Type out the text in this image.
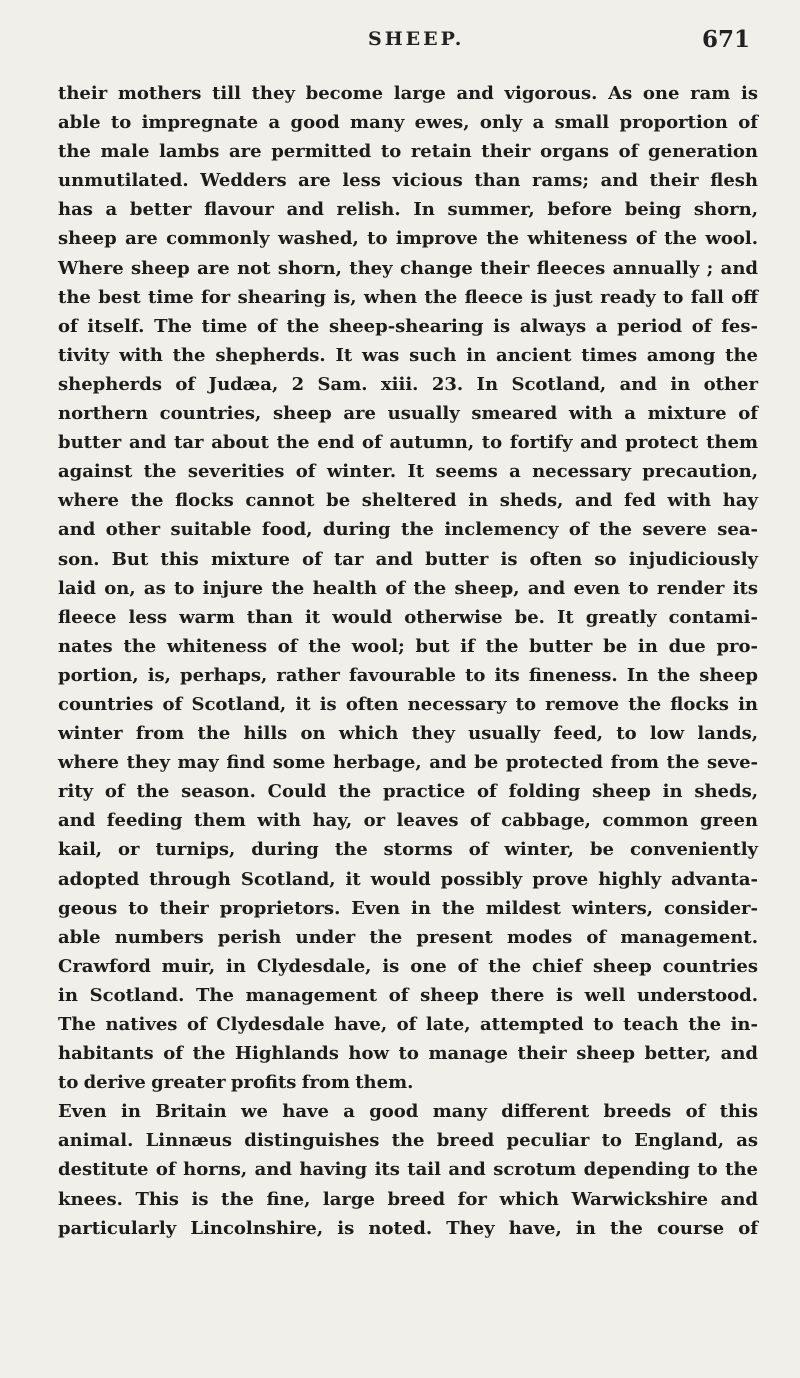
SHEEP.	671
their mothers till they become large and vigorous. As one ram is
able to impregnate a good many ewes, only a small proportion of
the male lambs are permitted to retain their organs of generation
unmutilated. Wedders are less vicious than rams; and their flesh
has a better flavour and relish. In summer, before being shorn,
sheep are commonly washed, to improve the whiteness of the wool.
Where sheep are not shorn, they change their fleeces annually ; and
the best time for shearing is, when the fleece is just ready to fall off
of itself. The time of the sheep-shearing is always a period of fes-
tivity with the shepherds. It was such in ancient times among the
shepherds of Judæa, 2 Sam. xiii. 23. In Scotland, and in other
northern countries, sheep are usually smeared with a mixture of
butter and tar about the end of autumn, to fortify and protect them
against the severities of winter. It seems a necessary precaution,
where the flocks cannot be sheltered in sheds, and fed with hay
and other suitable food, during the inclemency of the severe sea-
son. But this mixture of tar and butter is often so injudiciously
laid on, as to injure the health of the sheep, and even to render its
fleece less warm than it would otherwise be. It greatly contami-
nates the whiteness of the wool; but if the butter be in due pro-
portion, is, perhaps, rather favourable to its fineness. In the sheep
countries of Scotland, it is often necessary to remove the flocks in
winter from the hills on which they usually feed, to low lands,
where they may find some herbage, and be protected from the seve-
rity of the season. Could the practice of folding sheep in sheds,
and feeding them with hay, or leaves of cabbage, common green
kail, or turnips, during the storms of winter, be conveniently
adopted through Scotland, it would possibly prove highly advanta-
geous to their proprietors. Even in the mildest winters, consider-
able numbers perish under the present modes of management.
Crawford muir, in Clydesdale, is one of the chief sheep countries
in Scotland. The management of sheep there is well understood.
The natives of Clydesdale have, of late, attempted to teach the in-
habitants of the Highlands how to manage their sheep better, and
to derive greater profits from them.
Even in Britain we have a good many different breeds of this
animal. Linnæus distinguishes the breed peculiar to England, as
destitute of horns, and having its tail and scrotum depending to the
knees. This is the fine, large breed for which Warwickshire and
particularly Lincolnshire, is noted. They have, in the course of
